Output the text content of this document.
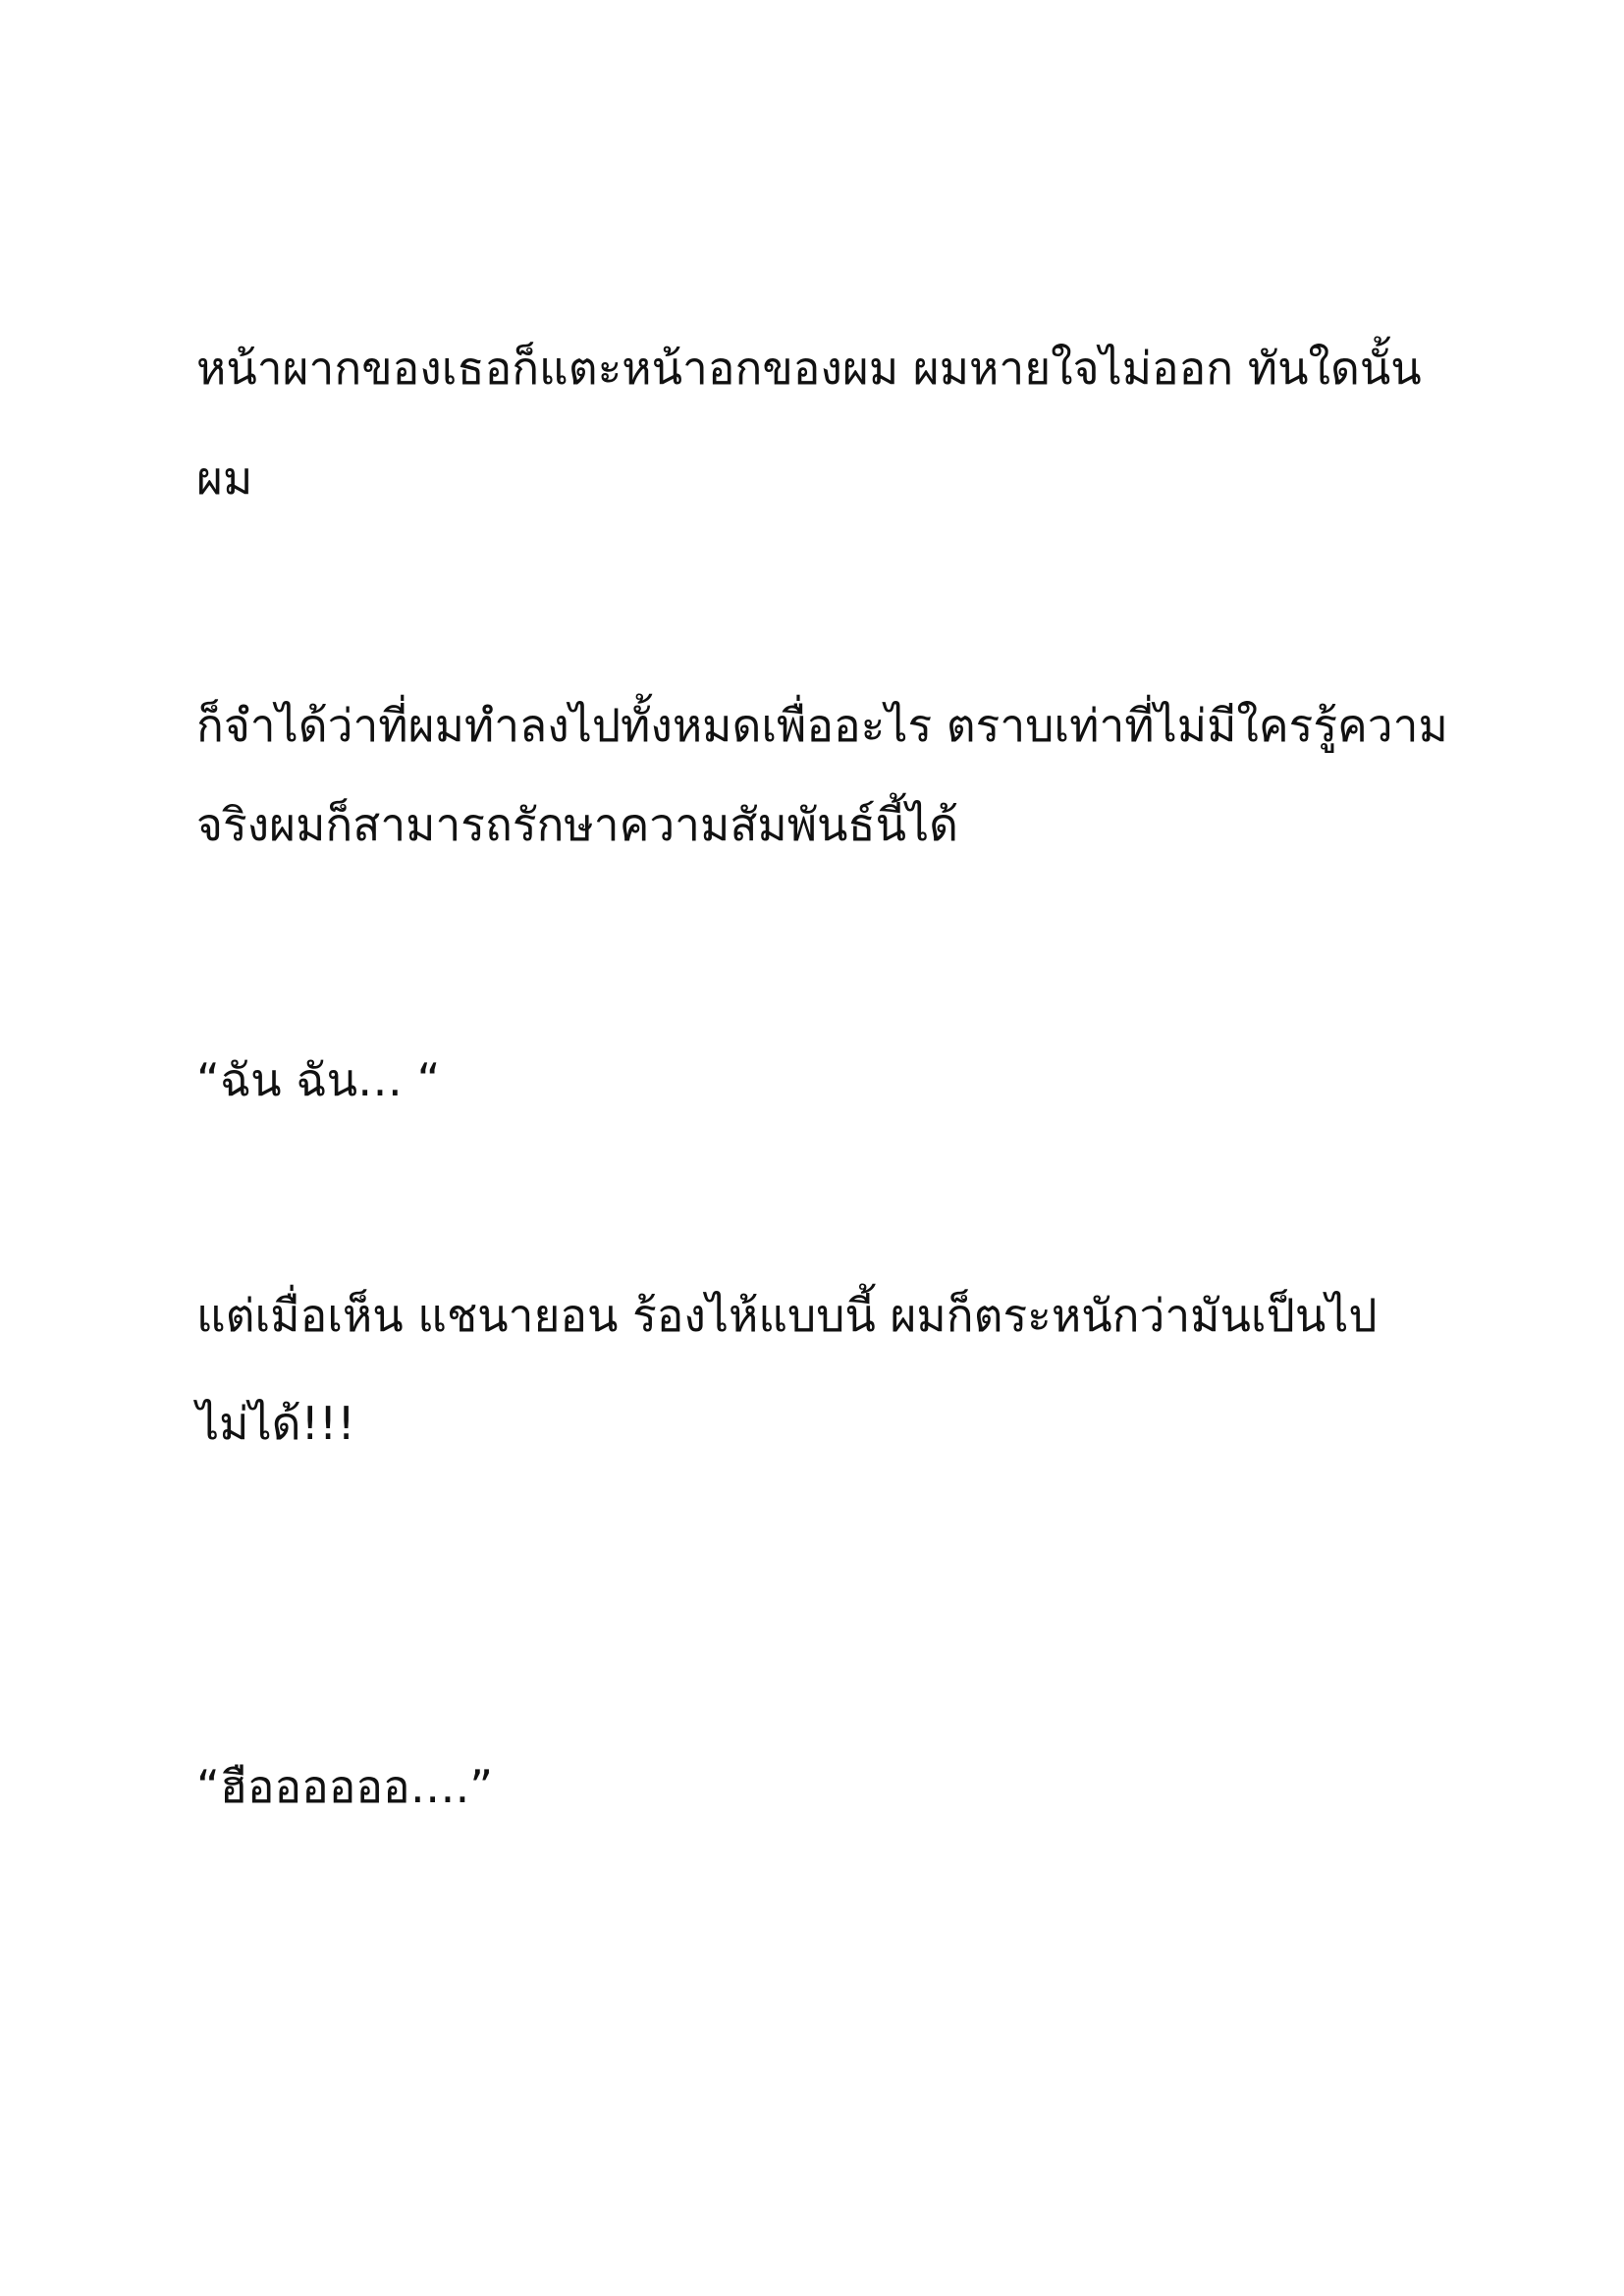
หน้าผากของเธอก็แตะหน้าอกของผม ผมหายใจไม่ออก ทันใดนั้น

ผม

ก็จำได้ว่าที่ผมทำลงไปทั้งหมดเพื่ออะไร ตราบเท่าที่ไม่มีใครรู้ความ

จริงผมก็สามารถรักษาความสัมพันธ์นี้ได้

“ฉัน ฉัน… “

แต่เมื่อเห็น แชนายอน ร้องไห้แบบนี้ ผมก็ตระหนักว่ามันเป็นไป

ไม่ได้!!!

“ฮืออออออ….”
